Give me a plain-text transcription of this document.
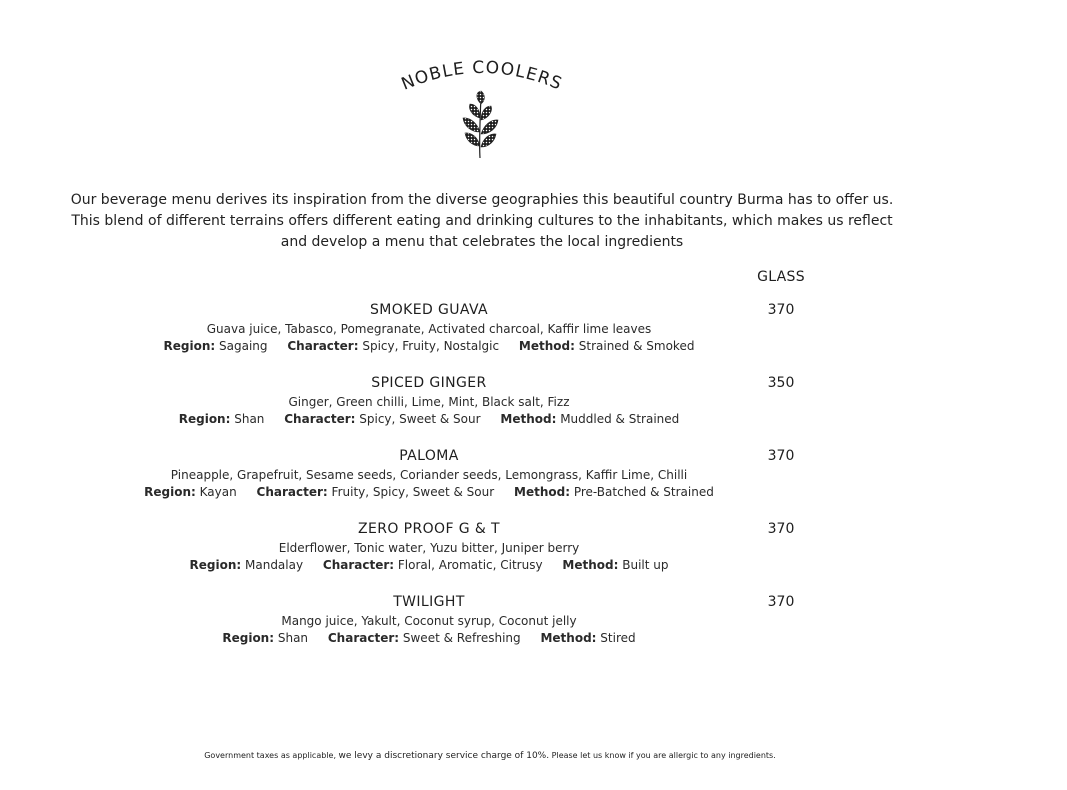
NOBLE COOLERS

Our beverage menu derives its inspiration from the diverse geographies this beautiful country Burma has to offer us.

This blend of different terrains offers different eating and drinking cultures to the inhabitants, which makes us reflect

and develop a menu that celebrates the local ingredients

GLASS
SMOKED GUAVA
Guava juice, Tabasco, Pomegranate, Activated charcoal, Kaffir lime leaves
Region: Sagaing Character: Spicy, Fruity, Nostalgic Method: Strained & Smoked
370
SPICED GINGER
Ginger, Green chilli, Lime, Mint, Black salt, Fizz
Region: Shan Character: Spicy, Sweet & Sour Method: Muddled & Strained
350
PALOMA
Pineapple, Grapefruit, Sesame seeds, Coriander seeds, Lemongrass, Kaffir Lime, Chilli
Region: Kayan Character: Fruity, Spicy, Sweet & Sour Method: Pre-Batched & Strained
370
ZERO PROOF G & T
Elderflower, Tonic water, Yuzu bitter, Juniper berry
Region: Mandalay Character: Floral, Aromatic, Citrusy Method: Built up
370
TWILIGHT
Mango juice, Yakult, Coconut syrup, Coconut jelly
Region: Shan Character: Sweet & Refreshing Method: Stired
370
Government taxes as applicable, we levy a discretionary service charge of 10%. Please let us know if you are allergic to any ingredients.
